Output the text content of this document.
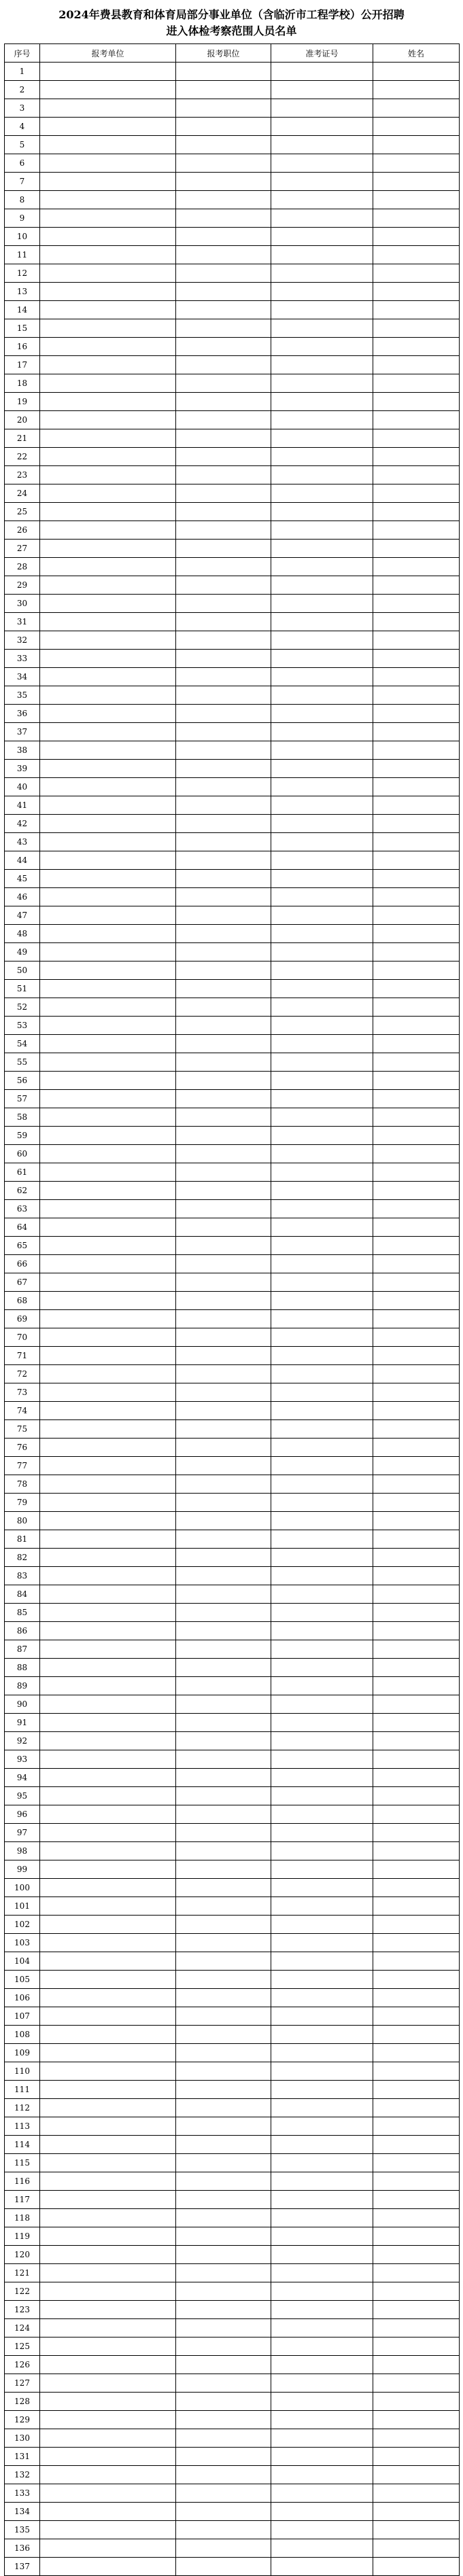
2024年费县教育和体育局部分事业单位（含临沂市工程学校）公开招聘
进入体检考察范围人员名单
序号	报考单位	报考职位	准考证号	姓名
1				
2				
3				
4				
5				
6				
7				
8				
9				
10				
11				
12				
13				
14				
15				
16				
17				
18				
19				
20				
21				
22				
23				
24				
25				
26				
27				
28				
29				
30				
31				
32				
33				
34				
35				
36				
37				
38				
39				
40				
41				
42				
43				
44				
45				
46				
47				
48				
49				
50				
51				
52				
53				
54				
55				
56				
57				
58				
59				
60				
61				
62				
63				
64				
65				
66				
67				
68				
69				
70				
71				
72				
73				
74				
75				
76				
77				
78				
79				
80				
81				
82				
83				
84				
85				
86				
87				
88				
89				
90				
91				
92				
93				
94				
95				
96				
97				
98				
99				
100				
101				
102				
103				
104				
105				
106				
107				
108				
109				
110				
111				
112				
113				
114				
115				
116				
117				
118				
119				
120				
121				
122				
123				
124				
125				
126				
127				
128				
129				
130				
131				
132				
133				
134				
135				
136				
137				
